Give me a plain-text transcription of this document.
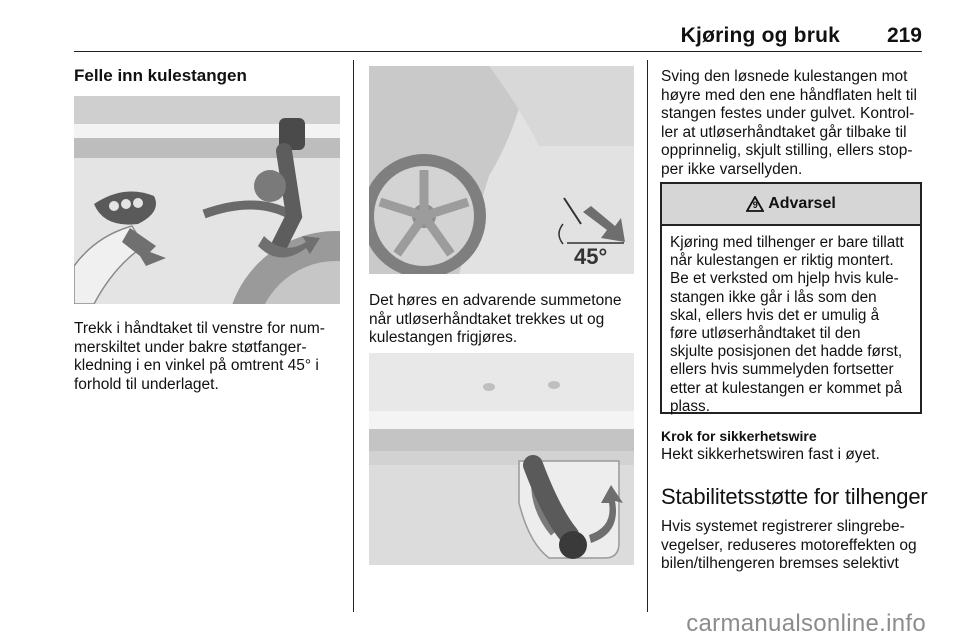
Kjøring og bruk 219
Felle inn kulestangen
Trekk i håndtaket til venstre for num-
merskiltet under bakre støtfanger-
kledning i en vinkel på omtrent 45° i
forhold til underlaget.
45°
Det høres en advarende summetone
når utløserhåndtaket trekkes ut og
kulestangen frigjøres.
Sving den løsnede kulestangen mot
høyre med den ene håndflaten helt til
stangen festes under gulvet. Kontrol-
ler at utløserhåndtaket går tilbake til
opprinnelig, skjult stilling, ellers stop-
per ikke varsellyden.
9 Advarsel
Kjøring med tilhenger er bare tillatt
når kulestangen er riktig montert.
Be et verksted om hjelp hvis kule-
stangen ikke går i lås som den
skal, ellers hvis det er umulig å
føre utløserhåndtaket til den
skjulte posisjonen det hadde først,
ellers hvis summelyden fortsetter
etter at kulestangen er kommet på
plass.
Krok for sikkerhetswire
Hekt sikkerhetswiren fast i øyet.
Stabilitetsstøtte for tilhenger
Hvis systemet registrerer slingrebe-
vegelser, reduseres motoreffekten og
bilen/tilhengeren bremses selektivt
carmanualsonline.info
